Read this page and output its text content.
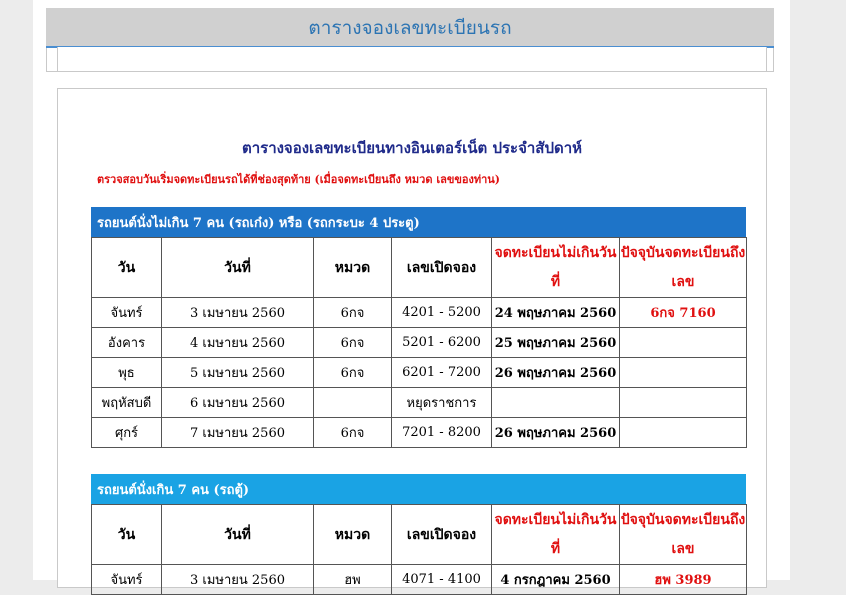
ตารางจองเลขทะเบียนรถ
ตารางจองเลขทะเบียนทางอินเตอร์เน็ต ประจำสัปดาห์
ตรวจสอบวันเริ่มจดทะเบียนรถได้ที่ช่องสุดท้าย (เมื่อจดทะเบียนถึง หมวด เลขของท่าน)
รถยนต์นั่งไม่เกิน 7 คน (รถเก๋ง) หรือ (รถกระบะ 4 ประตู)
วัน	วันที่	หมวด	เลขเปิดจอง	จดทะเบียนไม่เกินวันที่	ปัจจุบันจดทะเบียนถึงเลข
จันทร์	3 เมษายน 2560	6กจ	4201 - 5200	24 พฤษภาคม 2560	6กจ 7160
อังคาร	4 เมษายน 2560	6กจ	5201 - 6200	25 พฤษภาคม 2560	
พุธ	5 เมษายน 2560	6กจ	6201 - 7200	26 พฤษภาคม 2560	
พฤหัสบดี	6 เมษายน 2560		หยุดราชการ		
ศุกร์	7 เมษายน 2560	6กจ	7201 - 8200	26 พฤษภาคม 2560	
รถยนต์นั่งเกิน 7 คน (รถตู้)
วัน	วันที่	หมวด	เลขเปิดจอง	จดทะเบียนไม่เกินวันที่	ปัจจุบันจดทะเบียนถึงเลข
จันทร์	3 เมษายน 2560	ฮพ	4071 - 4100	4 กรกฎาคม 2560	ฮพ 3989
